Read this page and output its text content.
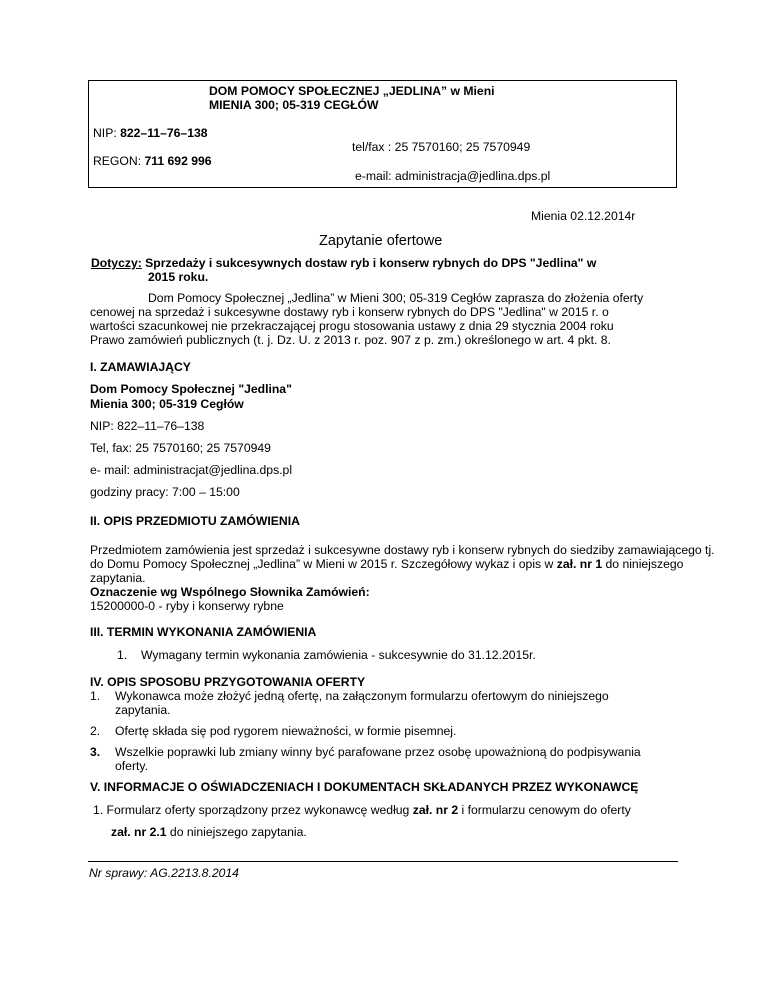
DOM POMOCY SPOŁECZNEJ „JEDLINA” w Mieni
MIENIA 300; 05-319 CEGŁÓW
NIP: 822–11–76–138
tel/fax : 25 7570160; 25 7570949
REGON: 711 692 996
e-mail: administracja@jedlina.dps.pl
Mienia 02.12.2014r
Zapytanie ofertowe
Dotyczy: Sprzedaży i sukcesywnych dostaw ryb i konserw rybnych do DPS "Jedlina" w
2015 roku.
Dom Pomocy Społecznej „Jedlina” w Mieni 300; 05-319 Cegłów zaprasza do złożenia oferty
cenowej na sprzedaż i sukcesywne dostawy ryb i konserw rybnych do DPS "Jedlina" w 2015 r. o
wartości szacunkowej nie przekraczającej progu stosowania ustawy z dnia 29 stycznia 2004 roku
Prawo zamówień publicznych (t. j. Dz. U. z 2013 r. poz. 907 z p. zm.) określonego w art. 4 pkt. 8.
I. ZAMAWIAJĄCY
Dom Pomocy Społecznej "Jedlina"
Mienia 300; 05-319 Cegłów
NIP: 822–11–76–138
Tel, fax: 25 7570160; 25 7570949
e- mail: administracjat@jedlina.dps.pl
godziny pracy: 7:00 – 15:00
II. OPIS PRZEDMIOTU ZAMÓWIENIA
Przedmiotem zamówienia jest sprzedaż i sukcesywne dostawy ryb i konserw rybnych do siedziby zamawiającego tj.
do Domu Pomocy Społecznej „Jedlina” w Mieni w 2015 r. Szczegółowy wykaz i opis w zał. nr 1 do niniejszego
zapytania.
Oznaczenie wg Wspólnego Słownika Zamówień:
15200000-0 - ryby i konserwy rybne
III. TERMIN WYKONANIA ZAMÓWIENIA
1. Wymagany termin wykonania zamówienia - sukcesywnie do 31.12.2015r.
IV. OPIS SPOSOBU PRZYGOTOWANIA OFERTY
1. Wykonawca może złożyć jedną ofertę, na załączonym formularzu ofertowym do niniejszego
zapytania.
2. Ofertę składa się pod rygorem nieważności, w formie pisemnej.
3. Wszelkie poprawki lub zmiany winny być parafowane przez osobę upoważnioną do podpisywania
oferty.
V. INFORMACJE O OŚWIADCZENIACH I DOKUMENTACH SKŁADANYCH PRZEZ WYKONAWCĘ
1. Formularz oferty sporządzony przez wykonawcę według zał. nr 2 i formularzu cenowym do oferty
zał. nr 2.1 do niniejszego zapytania.
Nr sprawy: AG.2213.8.2014
